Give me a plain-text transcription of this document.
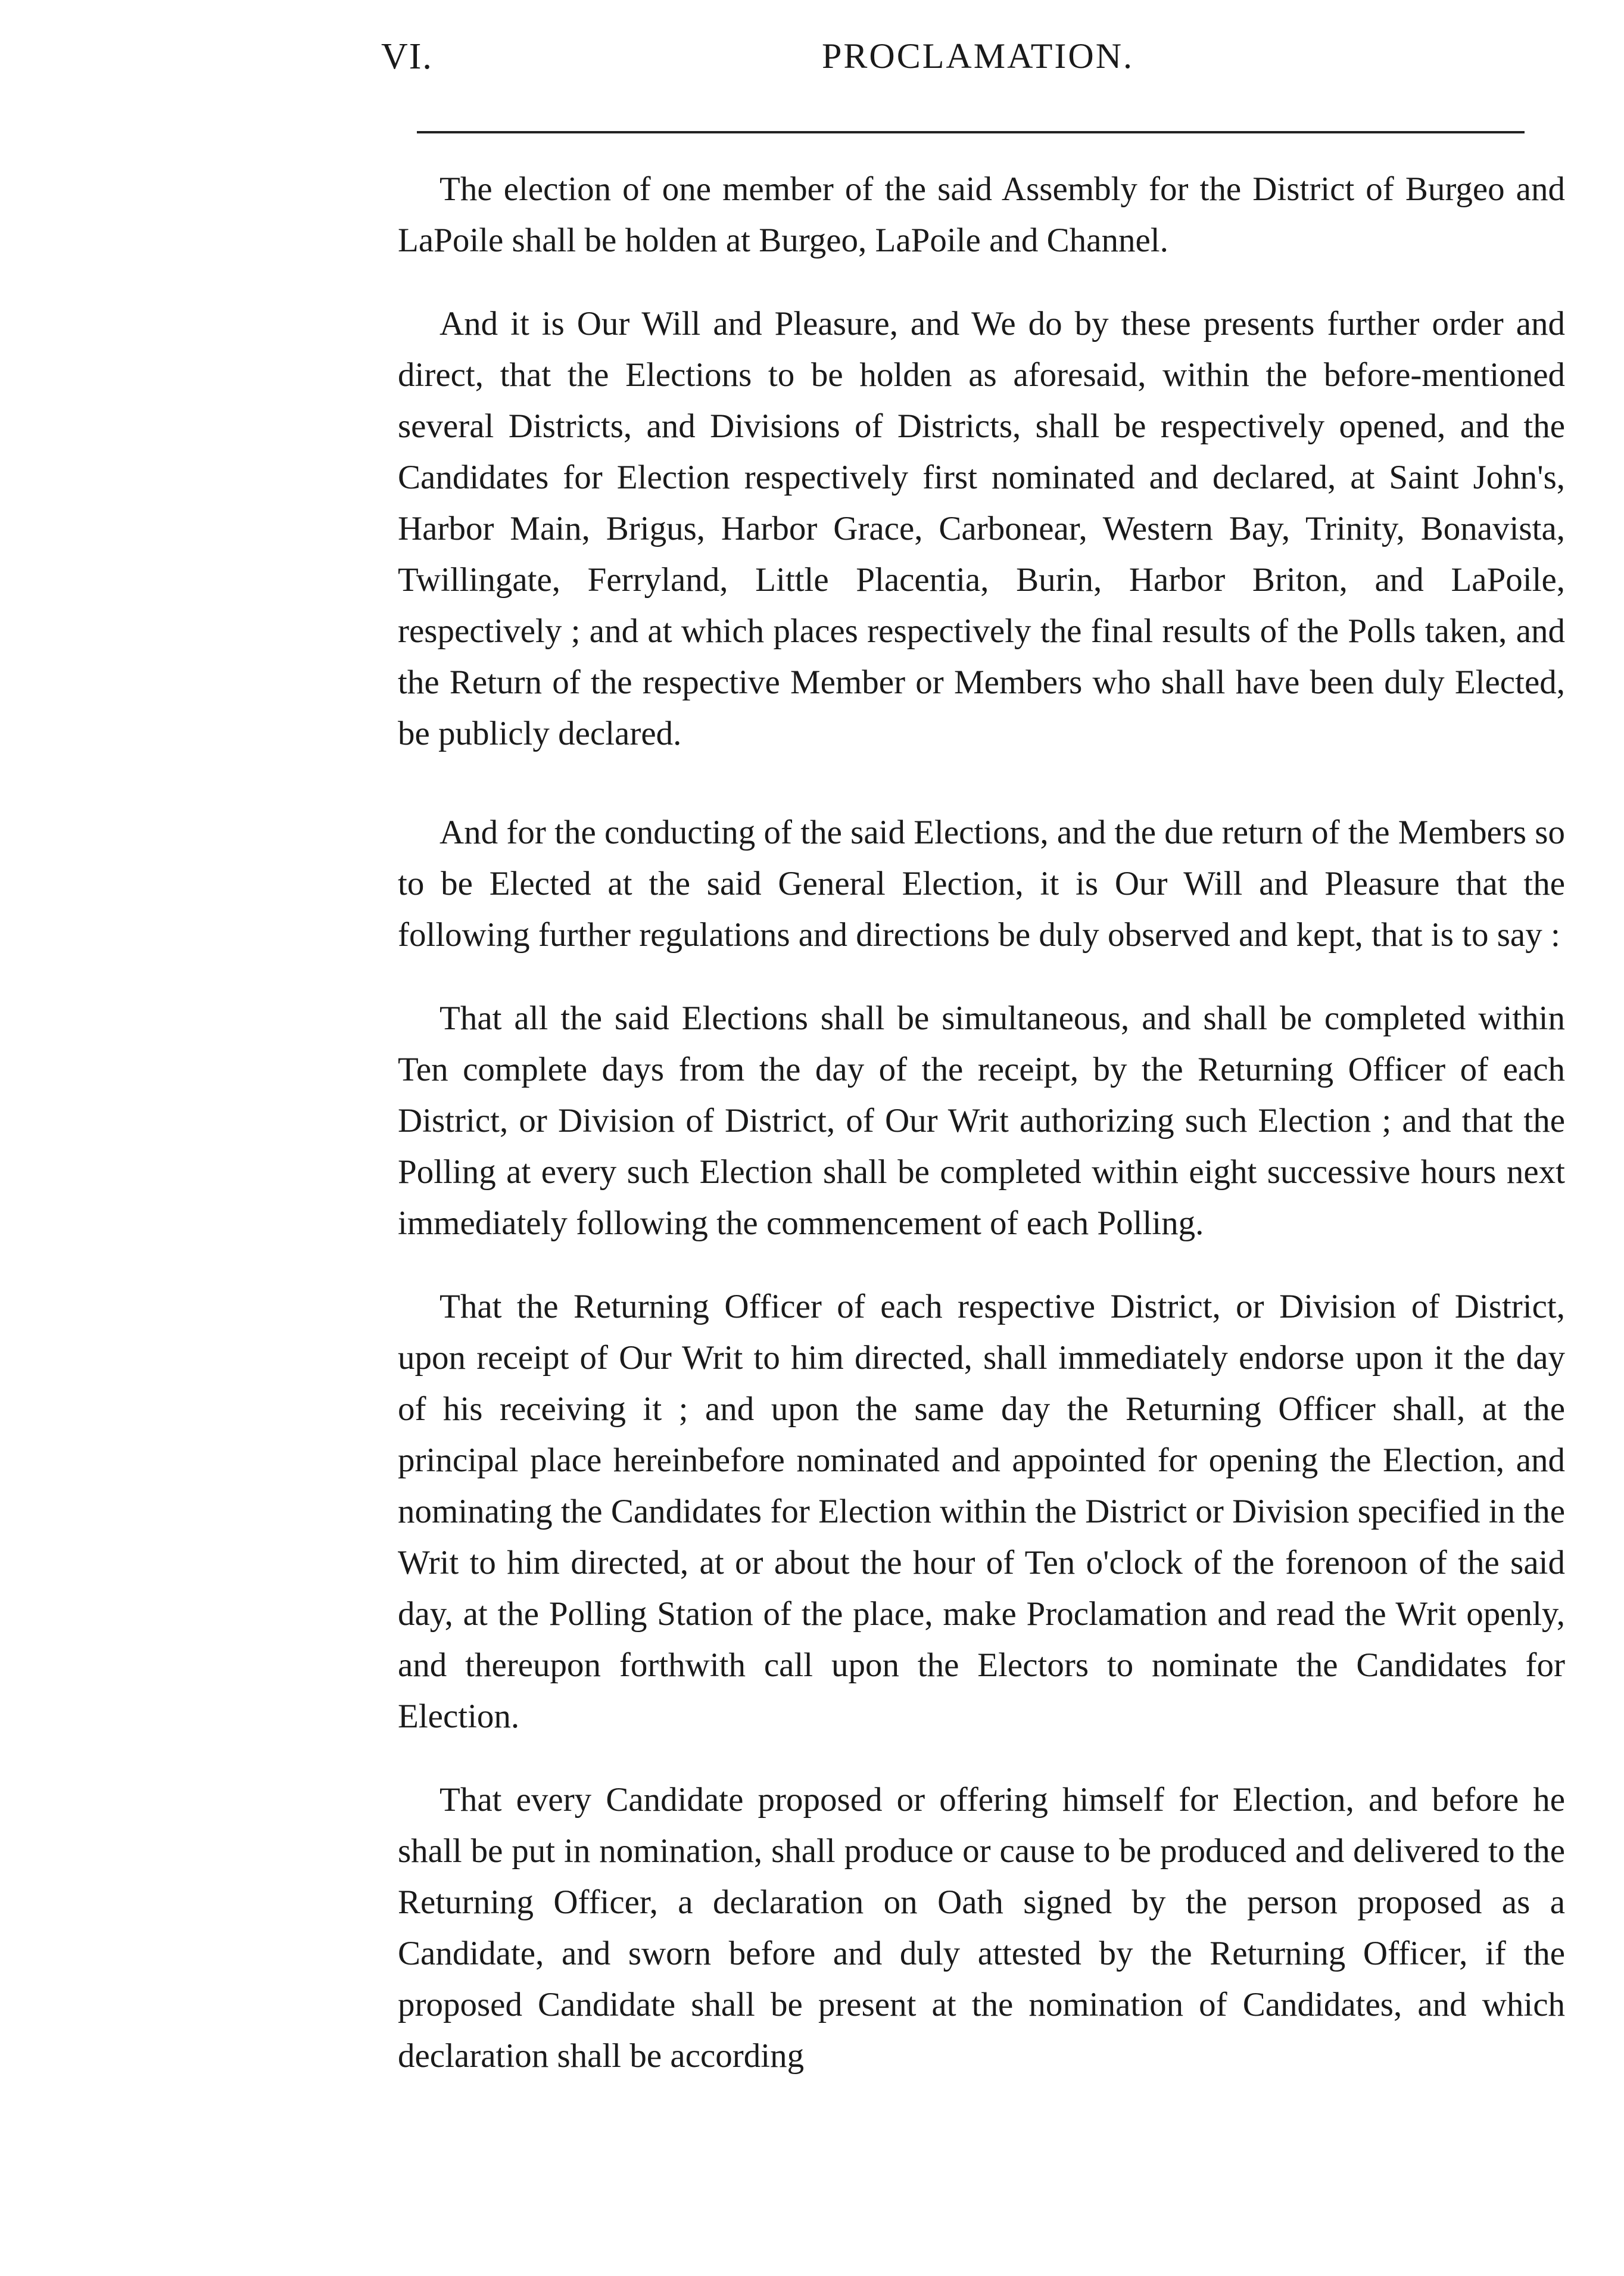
VI.	PROCLAMATION.

The election of one member of the said Assembly for the District of Burgeo and LaPoile shall be holden at Burgeo, LaPoile and Channel.

And it is Our Will and Pleasure, and We do by these presents further order and direct, that the Elections to be holden as aforesaid, within the before-mentioned several Districts, and Divisions of Districts, shall be respectively opened, and the Candidates for Election respectively first nominated and declared, at Saint John's, Harbor Main, Brigus, Harbor Grace, Carbonear, Western Bay, Trinity, Bonavista, Twillingate, Ferryland, Little Placentia, Burin, Harbor Briton, and LaPoile, respectively ; and at which places respectively the final results of the Polls taken, and the Return of the respective Member or Members who shall have been duly Elected, be publicly declared.

And for the conducting of the said Elections, and the due return of the Members so to be Elected at the said General Election, it is Our Will and Pleasure that the following further regulations and directions be duly observed and kept, that is to say :

That all the said Elections shall be simultaneous, and shall be completed within Ten complete days from the day of the receipt, by the Returning Officer of each District, or Division of District, of Our Writ authorizing such Election ; and that the Polling at every such Election shall be completed within eight successive hours next immediately following the commencement of each Polling.

That the Returning Officer of each respective District, or Division of District, upon receipt of Our Writ to him directed, shall immediately endorse upon it the day of his receiving it ; and upon the same day the Returning Officer shall, at the principal place hereinbefore nominated and appointed for opening the Election, and nominating the Candidates for Election within the District or Division specified in the Writ to him directed, at or about the hour of Ten o'clock of the forenoon of the said day, at the Polling Station of the place, make Proclamation and read the Writ openly, and thereupon forthwith call upon the Electors to nominate the Candidates for Election.

That every Candidate proposed or offering himself for Election, and before he shall be put in nomination, shall produce or cause to be produced and delivered to the Returning Officer, a declaration on Oath signed by the person proposed as a Candidate, and sworn before and duly attested by the Returning Officer, if the proposed Candidate shall be present at the nomination of Candidates, and which declaration shall be according
